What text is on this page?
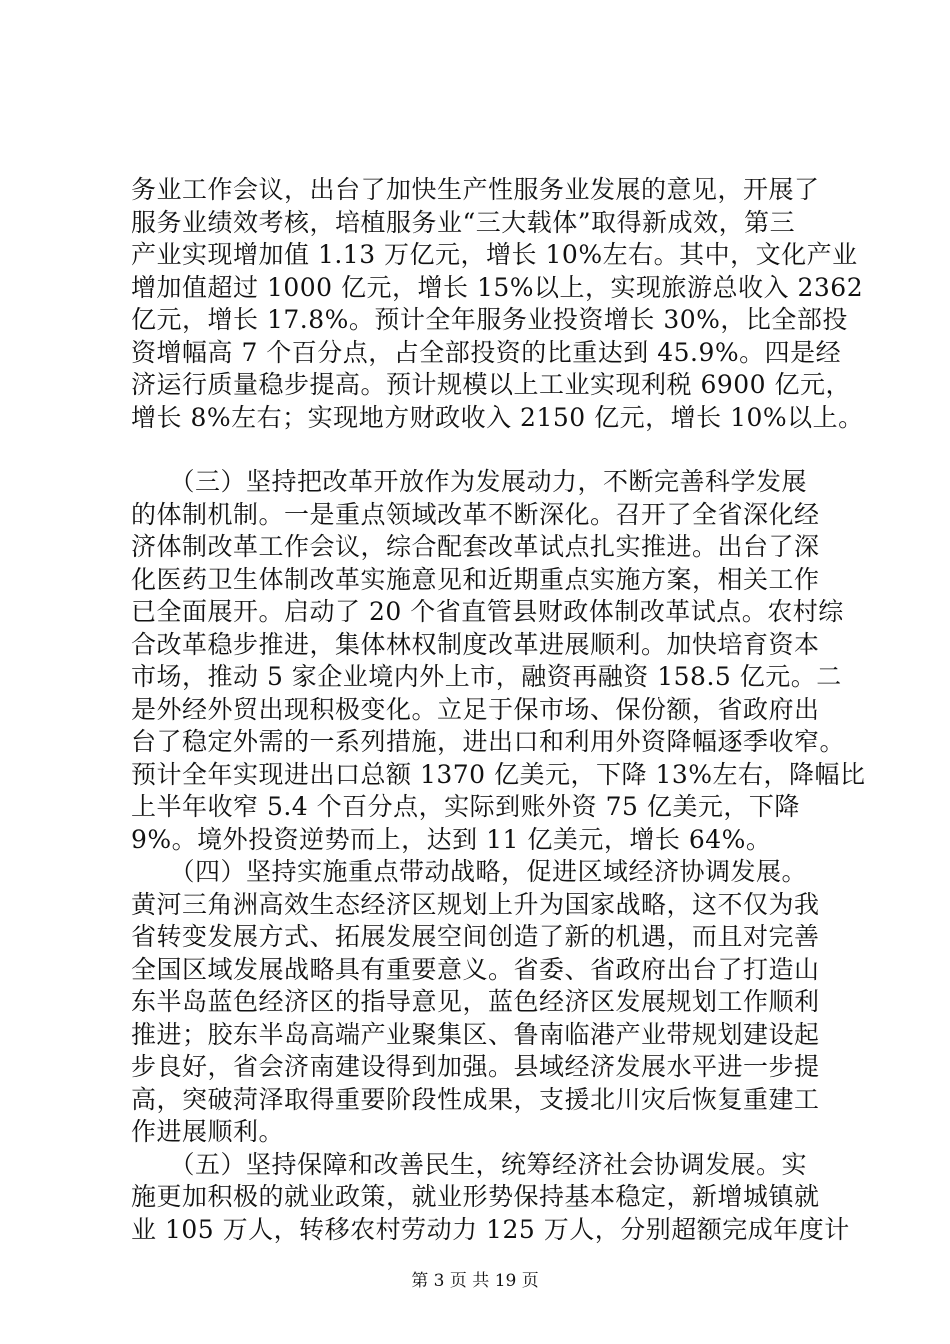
务业工作会议，出台了加快生产性服务业发展的意见，开展了
服务业绩效考核，培植服务业“三大载体”取得新成效，第三
产业实现增加值 1.13 万亿元，增长 10%左右。其中，文化产业
增加值超过 1000 亿元，增长 15%以上，实现旅游总收入 2362
亿元，增长 17.8%。预计全年服务业投资增长 30%，比全部投
资增幅高 7 个百分点，占全部投资的比重达到 45.9%。四是经
济运行质量稳步提高。预计规模以上工业实现利税 6900 亿元，
增长 8%左右；实现地方财政收入 2150 亿元，增长 10%以上。
　　（三）坚持把改革开放作为发展动力，不断完善科学发展
的体制机制。一是重点领域改革不断深化。召开了全省深化经
济体制改革工作会议，综合配套改革试点扎实推进。出台了深
化医药卫生体制改革实施意见和近期重点实施方案，相关工作
已全面展开。启动了 20 个省直管县财政体制改革试点。农村综
合改革稳步推进，集体林权制度改革进展顺利。加快培育资本
市场，推动 5 家企业境内外上市，融资再融资 158.5 亿元。二
是外经外贸出现积极变化。立足于保市场、保份额，省政府出
台了稳定外需的一系列措施，进出口和利用外资降幅逐季收窄。
预计全年实现进出口总额 1370 亿美元，下降 13%左右，降幅比
上半年收窄 5.4 个百分点，实际到账外资 75 亿美元，下降
9%。境外投资逆势而上，达到 11 亿美元，增长 64%。
　　（四）坚持实施重点带动战略，促进区域经济协调发展。
黄河三角洲高效生态经济区规划上升为国家战略，这不仅为我
省转变发展方式、拓展发展空间创造了新的机遇，而且对完善
全国区域发展战略具有重要意义。省委、省政府出台了打造山
东半岛蓝色经济区的指导意见，蓝色经济区发展规划工作顺利
推进；胶东半岛高端产业聚集区、鲁南临港产业带规划建设起
步良好，省会济南建设得到加强。县域经济发展水平进一步提
高，突破菏泽取得重要阶段性成果，支援北川灾后恢复重建工
作进展顺利。
　　（五）坚持保障和改善民生，统筹经济社会协调发展。实
施更加积极的就业政策，就业形势保持基本稳定，新增城镇就
业 105 万人，转移农村劳动力 125 万人，分别超额完成年度计
第 3 页 共 19 页
